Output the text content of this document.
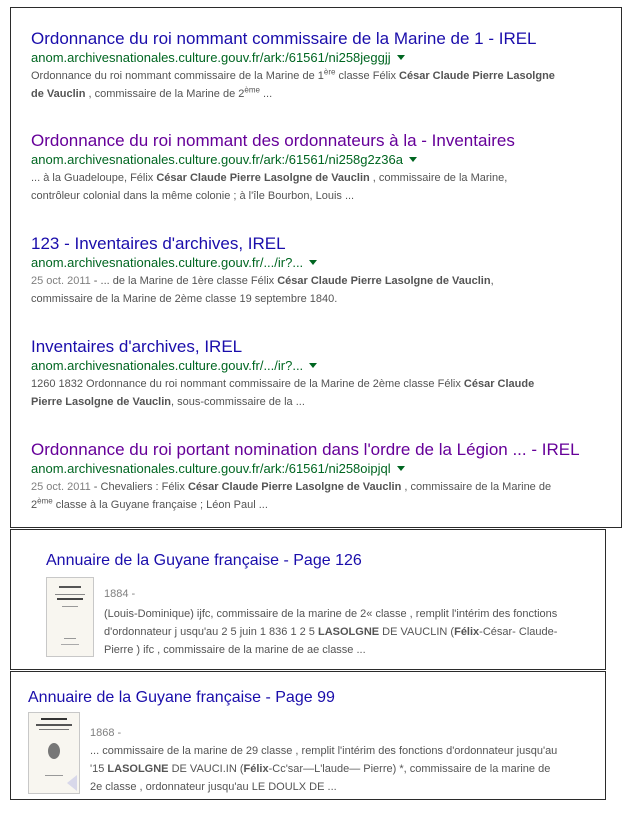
Ordonnance du roi nommant commissaire de la Marine de 1 - IREL
anom.archivesnationales.culture.gouv.fr/ark:/61561/ni258jeggjj
Ordonnance du roi nommant commissaire de la Marine de 1ère classe Félix César Claude Pierre Lasolgne
de Vauclin , commissaire de la Marine de 2ème ...
Ordonnance du roi nommant des ordonnateurs à la - Inventaires
anom.archivesnationales.culture.gouv.fr/ark:/61561/ni258g2z36a
... à la Guadeloupe, Félix César Claude Pierre Lasolgne de Vauclin , commissaire de la Marine,
contrôleur colonial dans la même colonie ; à l'île Bourbon, Louis ...
123 - Inventaires d'archives, IREL
anom.archivesnationales.culture.gouv.fr/.../ir?...
25 oct. 2011 - ... de la Marine de 1ère classe Félix César Claude Pierre Lasolgne de Vauclin,
commissaire de la Marine de 2ème classe 19 septembre 1840.
Inventaires d'archives, IREL
anom.archivesnationales.culture.gouv.fr/.../ir?...
1260 1832 Ordonnance du roi nommant commissaire de la Marine de 2ème classe Félix César Claude
Pierre Lasolgne de Vauclin, sous-commissaire de la ...
Ordonnance du roi portant nomination dans l'ordre de la Légion ... - IREL
anom.archivesnationales.culture.gouv.fr/ark:/61561/ni258oipjql
25 oct. 2011 - Chevaliers : Félix César Claude Pierre Lasolgne de Vauclin , commissaire de la Marine de
2ème classe à la Guyane française ; Léon Paul ...
Annuaire de la Guyane française - Page 126
1884 -
(Louis-Dominique) ijfc, commissaire de la marine de 2« classe , remplit l'intérim des fonctions
d'ordonnateur j usqu'au 2 5 juin 1 836 1 2 5 LASOLGNE DE VAUCLIN (Félix-César- Claude-
Pierre ) ifc , commissaire de la marine de ae classe ...
Annuaire de la Guyane française - Page 99
1868 -
... commissaire de la marine de 29 classe , remplit l'intérim des fonctions d'ordonnateur jusqu'au
'15 LASOLGNE DE VAUCI.IN (Félix-Cc'sar—L'laude— Pierre) *, commissaire de la marine de
2e classe , ordonnateur jusqu'au LE DOULX DE ...
